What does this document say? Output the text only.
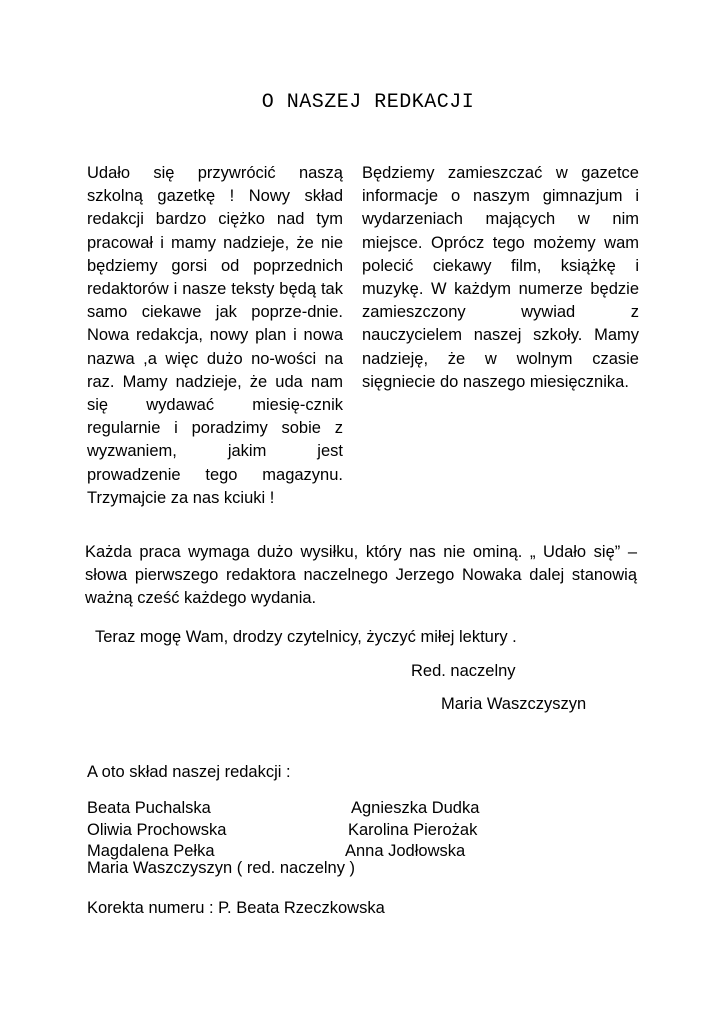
O NASZEJ REDKACJI

Udało się przywrócić naszą szkolną gazetkę ! Nowy skład redakcji bardzo ciężko nad tym pracował i mamy nadzieje, że nie będziemy gorsi od poprzednich redaktorów i nasze teksty będą tak samo ciekawe jak poprze-dnie. Nowa redakcja, nowy plan i nowa nazwa ,a więc dużo no-wości na raz. Mamy nadzieje, że uda nam się wydawać miesię-cznik regularnie i poradzimy sobie z wyzwaniem, jakim jest prowadzenie tego magazynu. Trzymajcie za nas kciuki !

Będziemy zamieszczać w gazetce informacje o naszym gimnazjum i wydarzeniach mających w nim miejsce. Oprócz tego możemy wam polecić ciekawy film, książkę i muzykę. W każdym numerze będzie zamieszczony wywiad z nauczycielem naszej szkoły. Mamy nadzieję, że w wolnym czasie sięgniecie do naszego miesięcznika.

Każda praca wymaga dużo wysiłku, który nas nie ominą. „ Udało się” – słowa pierwszego redaktora naczelnego Jerzego Nowaka dalej stanowią ważną cześć każdego wydania.

Teraz mogę Wam, drodzy czytelnicy, życzyć miłej lektury .

Red. naczelny

Maria Waszczyszyn

A oto skład naszej redakcji :

Beata Puchalska
Oliwia Prochowska
Magdalena Pełka
Agnieszka Dudka
Karolina Pierożak
Anna Jodłowska

Maria Waszczyszyn ( red. naczelny )

Korekta numeru : P. Beata Rzeczkowska
